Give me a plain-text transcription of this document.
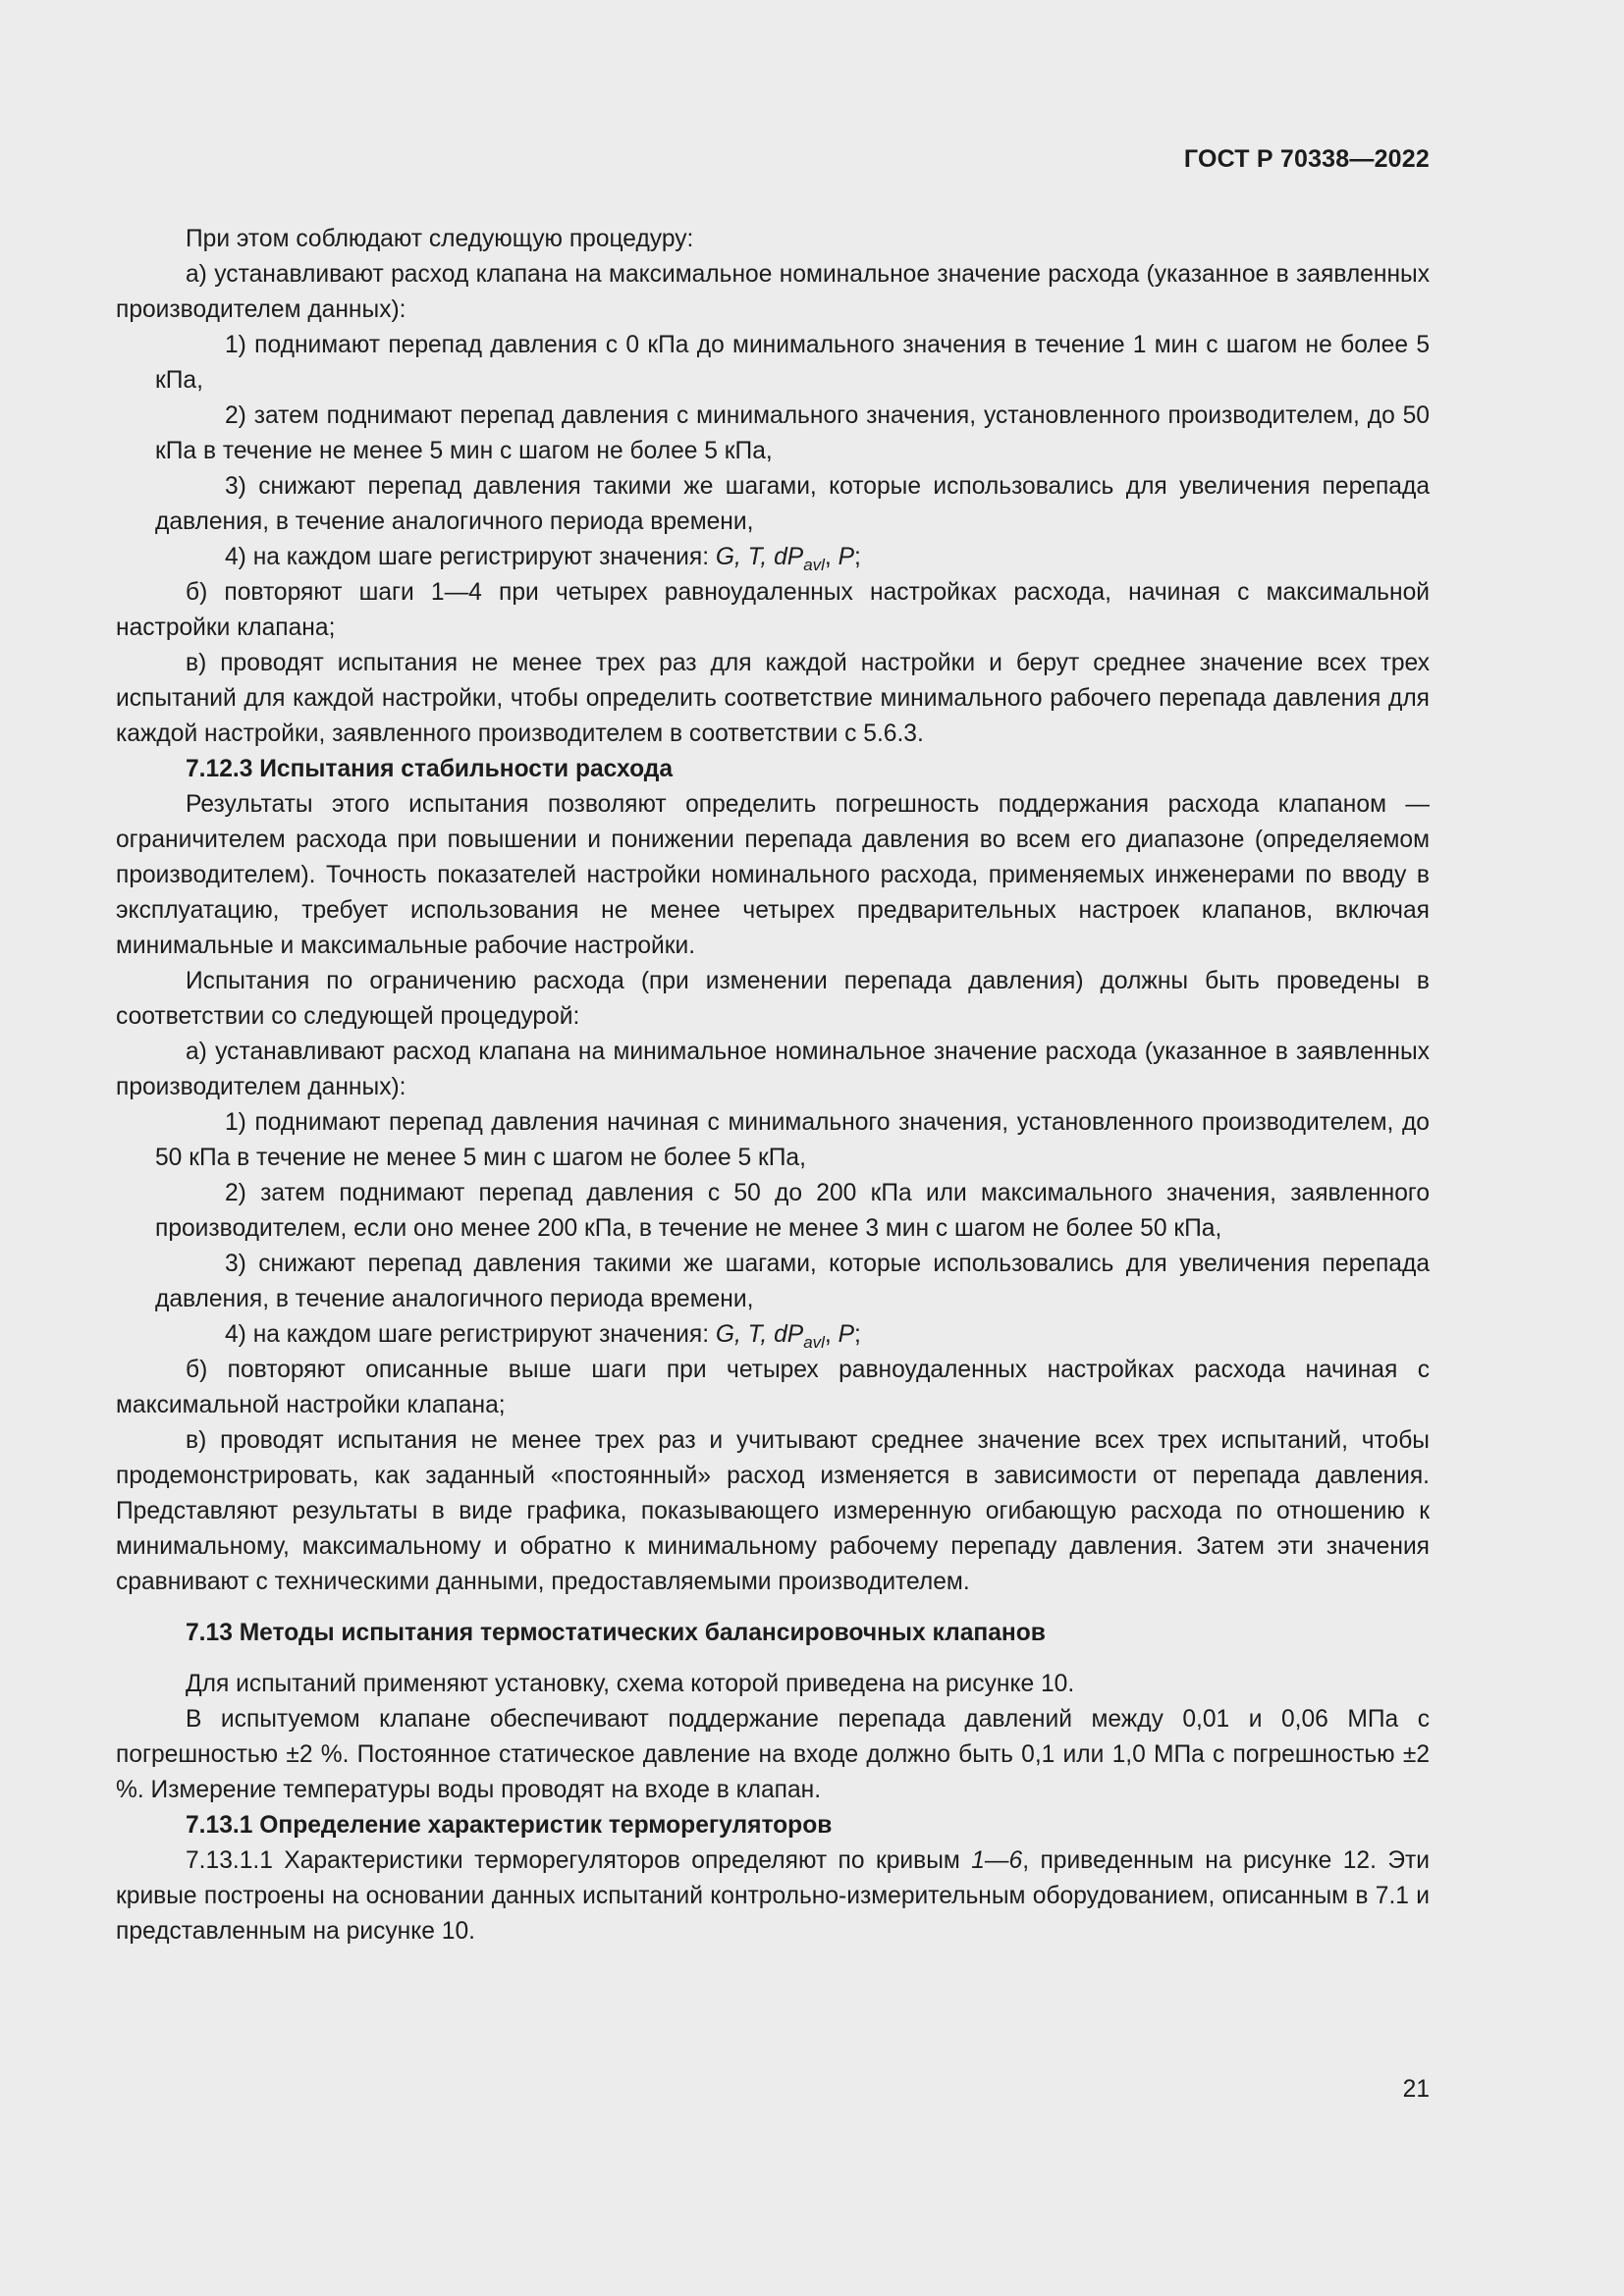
ГОСТ Р 70338—2022

При этом соблюдают следующую процедуру:

а) устанавливают расход клапана на максимальное номинальное значение расхода (указанное в заявленных производителем данных):

1) поднимают перепад давления с 0 кПа до минимального значения в течение 1 мин с шагом не более 5 кПа,

2) затем поднимают перепад давления с минимального значения, установленного производителем, до 50 кПа в течение не менее 5 мин с шагом не более 5 кПа,

3) снижают перепад давления такими же шагами, которые использовались для увеличения перепада давления, в течение аналогичного периода времени,

4) на каждом шаге регистрируют значения: G, T, $dP_{avl}$, P;

б) повторяют шаги 1—4 при четырех равноудаленных настройках расхода, начиная с максимальной настройки клапана;

в) проводят испытания не менее трех раз для каждой настройки и берут среднее значение всех трех испытаний для каждой настройки, чтобы определить соответствие минимального рабочего перепада давления для каждой настройки, заявленного производителем в соответствии с 5.6.3.

7.12.3 Испытания стабильности расхода

Результаты этого испытания позволяют определить погрешность поддержания расхода клапаном — ограничителем расхода при повышении и понижении перепада давления во всем его диапазоне (определяемом производителем). Точность показателей настройки номинального расхода, применяемых инженерами по вводу в эксплуатацию, требует использования не менее четырех предварительных настроек клапанов, включая минимальные и максимальные рабочие настройки.

Испытания по ограничению расхода (при изменении перепада давления) должны быть проведены в соответствии со следующей процедурой:

а) устанавливают расход клапана на минимальное номинальное значение расхода (указанное в заявленных производителем данных):

1) поднимают перепад давления начиная с минимального значения, установленного производителем, до 50 кПа в течение не менее 5 мин с шагом не более 5 кПа,

2) затем поднимают перепад давления с 50 до 200 кПа или максимального значения, заявленного производителем, если оно менее 200 кПа, в течение не менее 3 мин с шагом не более 50 кПа,

3) снижают перепад давления такими же шагами, которые использовались для увеличения перепада давления, в течение аналогичного периода времени,

4) на каждом шаге регистрируют значения: G, T, $dP_{avl}$, P;

б) повторяют описанные выше шаги при четырех равноудаленных настройках расхода начиная с максимальной настройки клапана;

в) проводят испытания не менее трех раз и учитывают среднее значение всех трех испытаний, чтобы продемонстрировать, как заданный «постоянный» расход изменяется в зависимости от перепада давления. Представляют результаты в виде графика, показывающего измеренную огибающую расхода по отношению к минимальному, максимальному и обратно к минимальному рабочему перепаду давления. Затем эти значения сравнивают с техническими данными, предоставляемыми производителем.

7.13 Методы испытания термостатических балансировочных клапанов

Для испытаний применяют установку, схема которой приведена на рисунке 10.

В испытуемом клапане обеспечивают поддержание перепада давлений между 0,01 и 0,06 МПа с погрешностью ±2 %. Постоянное статическое давление на входе должно быть 0,1 или 1,0 МПа с погрешностью ±2 %. Измерение температуры воды проводят на входе в клапан.

7.13.1 Определение характеристик терморегуляторов

7.13.1.1 Характеристики терморегуляторов определяют по кривым 1—6, приведенным на рисунке 12. Эти кривые построены на основании данных испытаний контрольно-измерительным оборудованием, описанным в 7.1 и представленным на рисунке 10.

21
